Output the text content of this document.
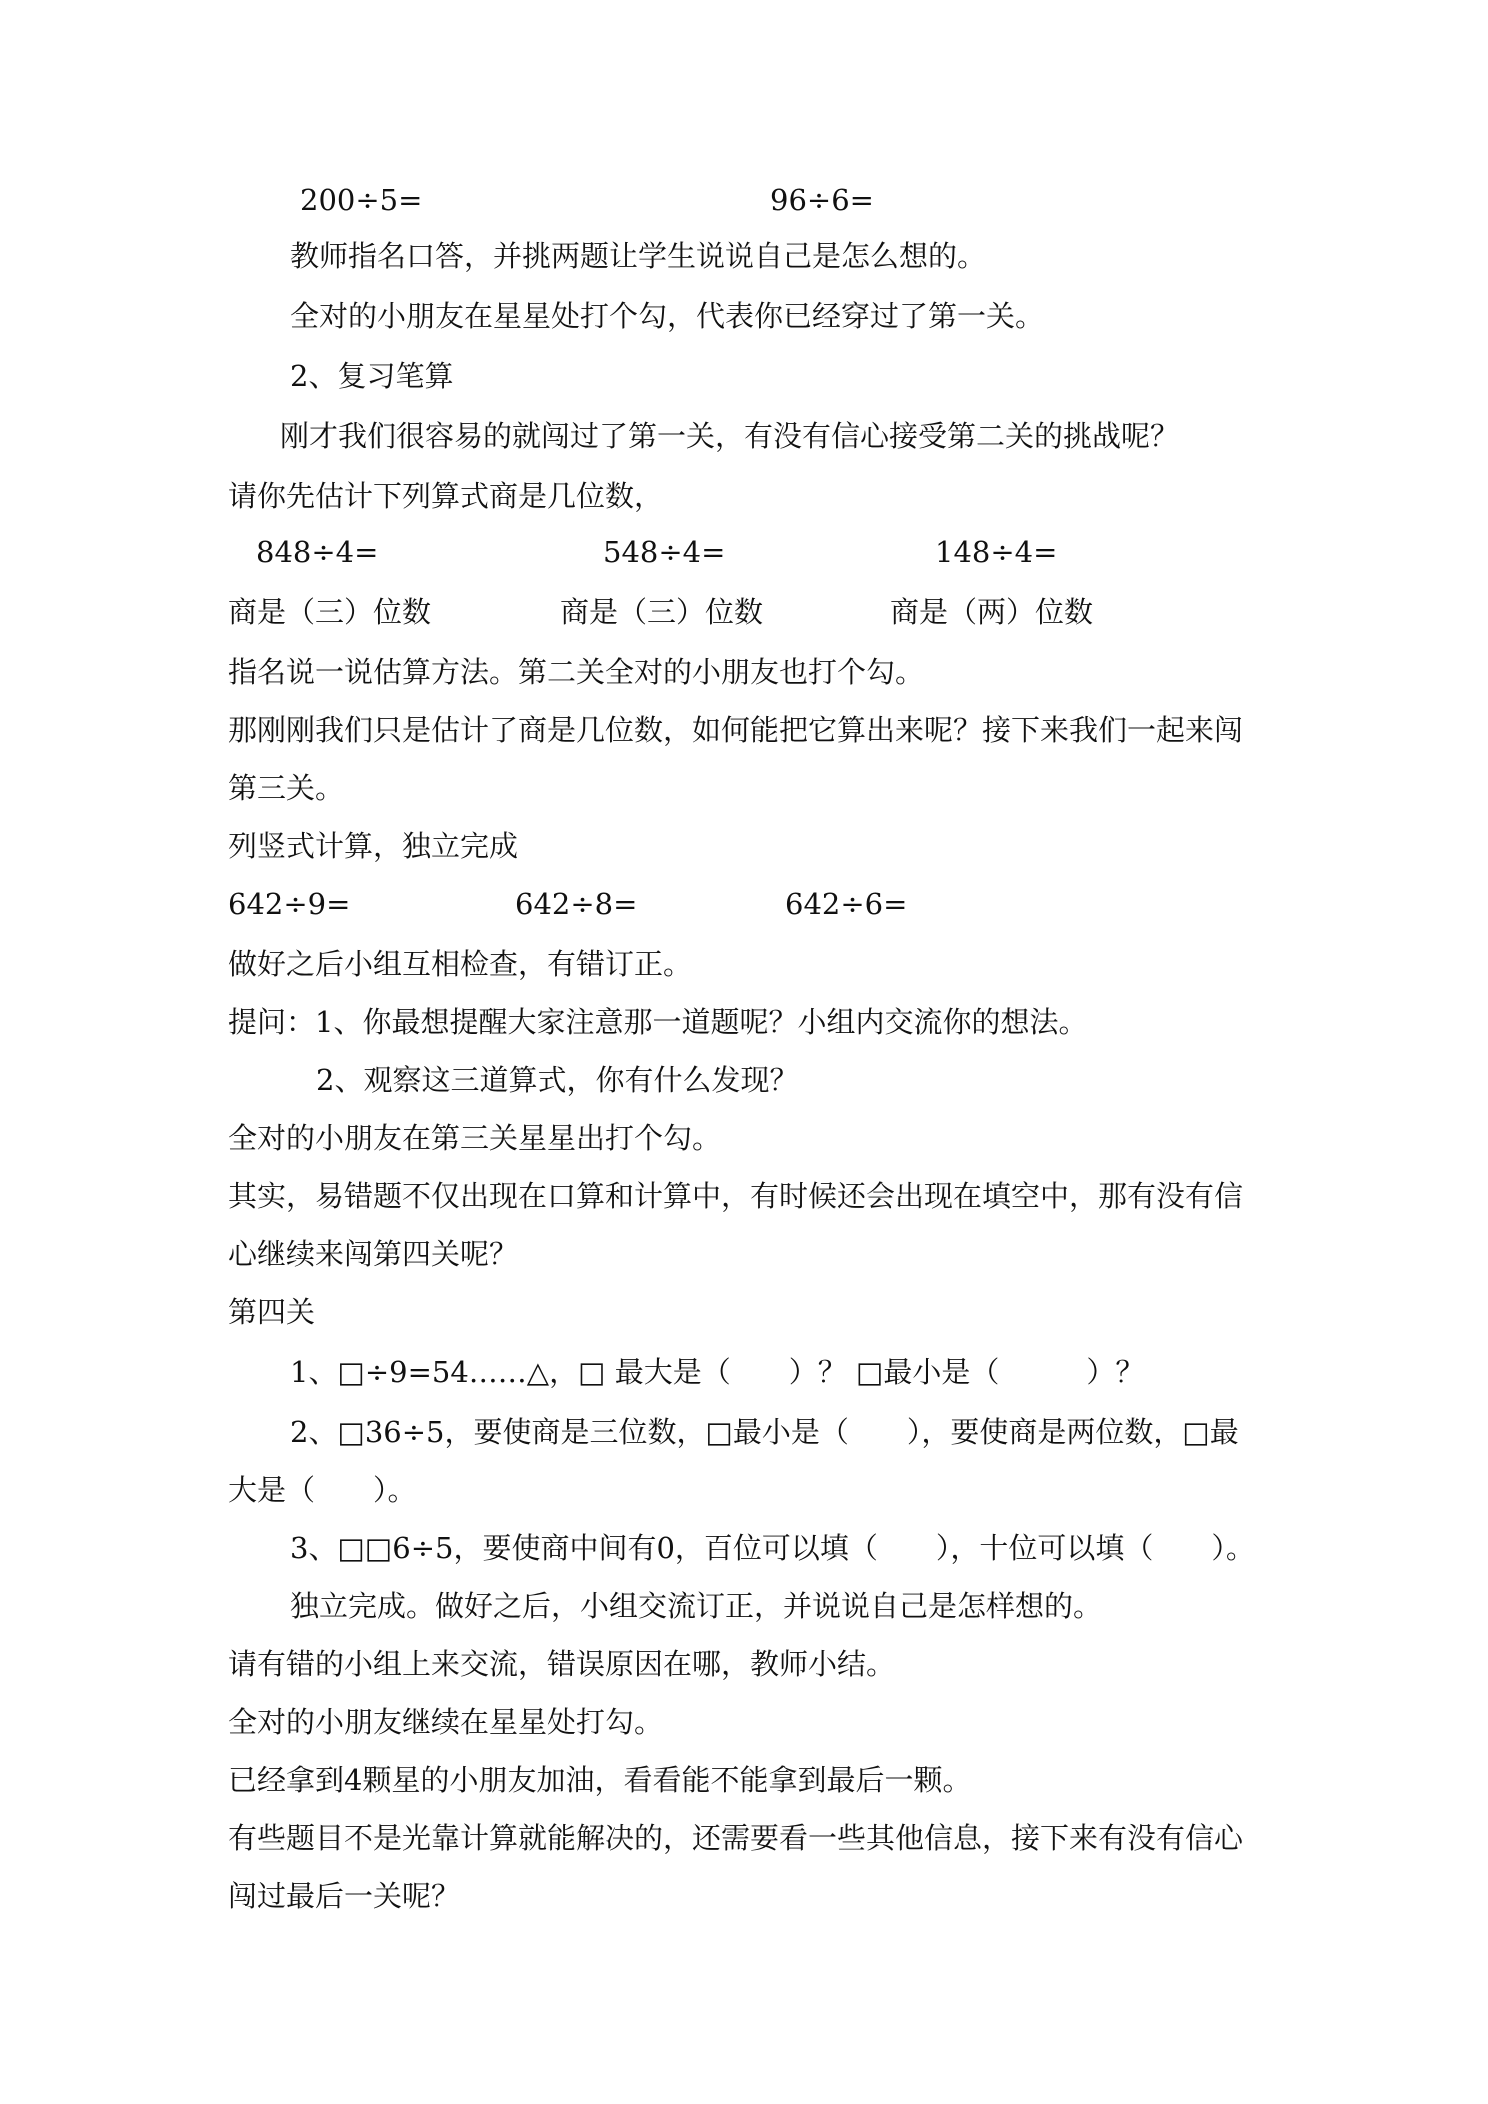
200÷5=	96÷6=
教师指名口答，并挑两题让学生说说自己是怎么想的。
全对的小朋友在星星处打个勾，代表你已经穿过了第一关。
2、复习笔算
刚才我们很容易的就闯过了第一关，有没有信心接受第二关的挑战呢？
请你先估计下列算式商是几位数，
848÷4=	548÷4=	148÷4=
商是（三）位数	商是（三）位数	商是（两）位数
指名说一说估算方法。第二关全对的小朋友也打个勾。
那刚刚我们只是估计了商是几位数，如何能把它算出来呢？接下来我们一起来闯
第三关。
列竖式计算，独立完成
642÷9=	642÷8=	642÷6=
做好之后小组互相检查，有错订正。
提问：1、你最想提醒大家注意那一道题呢？小组内交流你的想法。
2、观察这三道算式，你有什么发现？
全对的小朋友在第三关星星出打个勾。
其实，易错题不仅出现在口算和计算中，有时候还会出现在填空中，那有没有信
心继续来闯第四关呢？
第四关
1、□÷9=54……△，□ 最大是（　　）？ □最小是（　　　）？
2、□36÷5，要使商是三位数，□最小是（　　），要使商是两位数，□最
大是（　　）。
3、□□6÷5，要使商中间有0，百位可以填（　　），十位可以填（　　）。
独立完成。做好之后，小组交流订正，并说说自己是怎样想的。
请有错的小组上来交流，错误原因在哪，教师小结。
全对的小朋友继续在星星处打勾。
已经拿到4颗星的小朋友加油，看看能不能拿到最后一颗。
有些题目不是光靠计算就能解决的，还需要看一些其他信息，接下来有没有信心
闯过最后一关呢？
